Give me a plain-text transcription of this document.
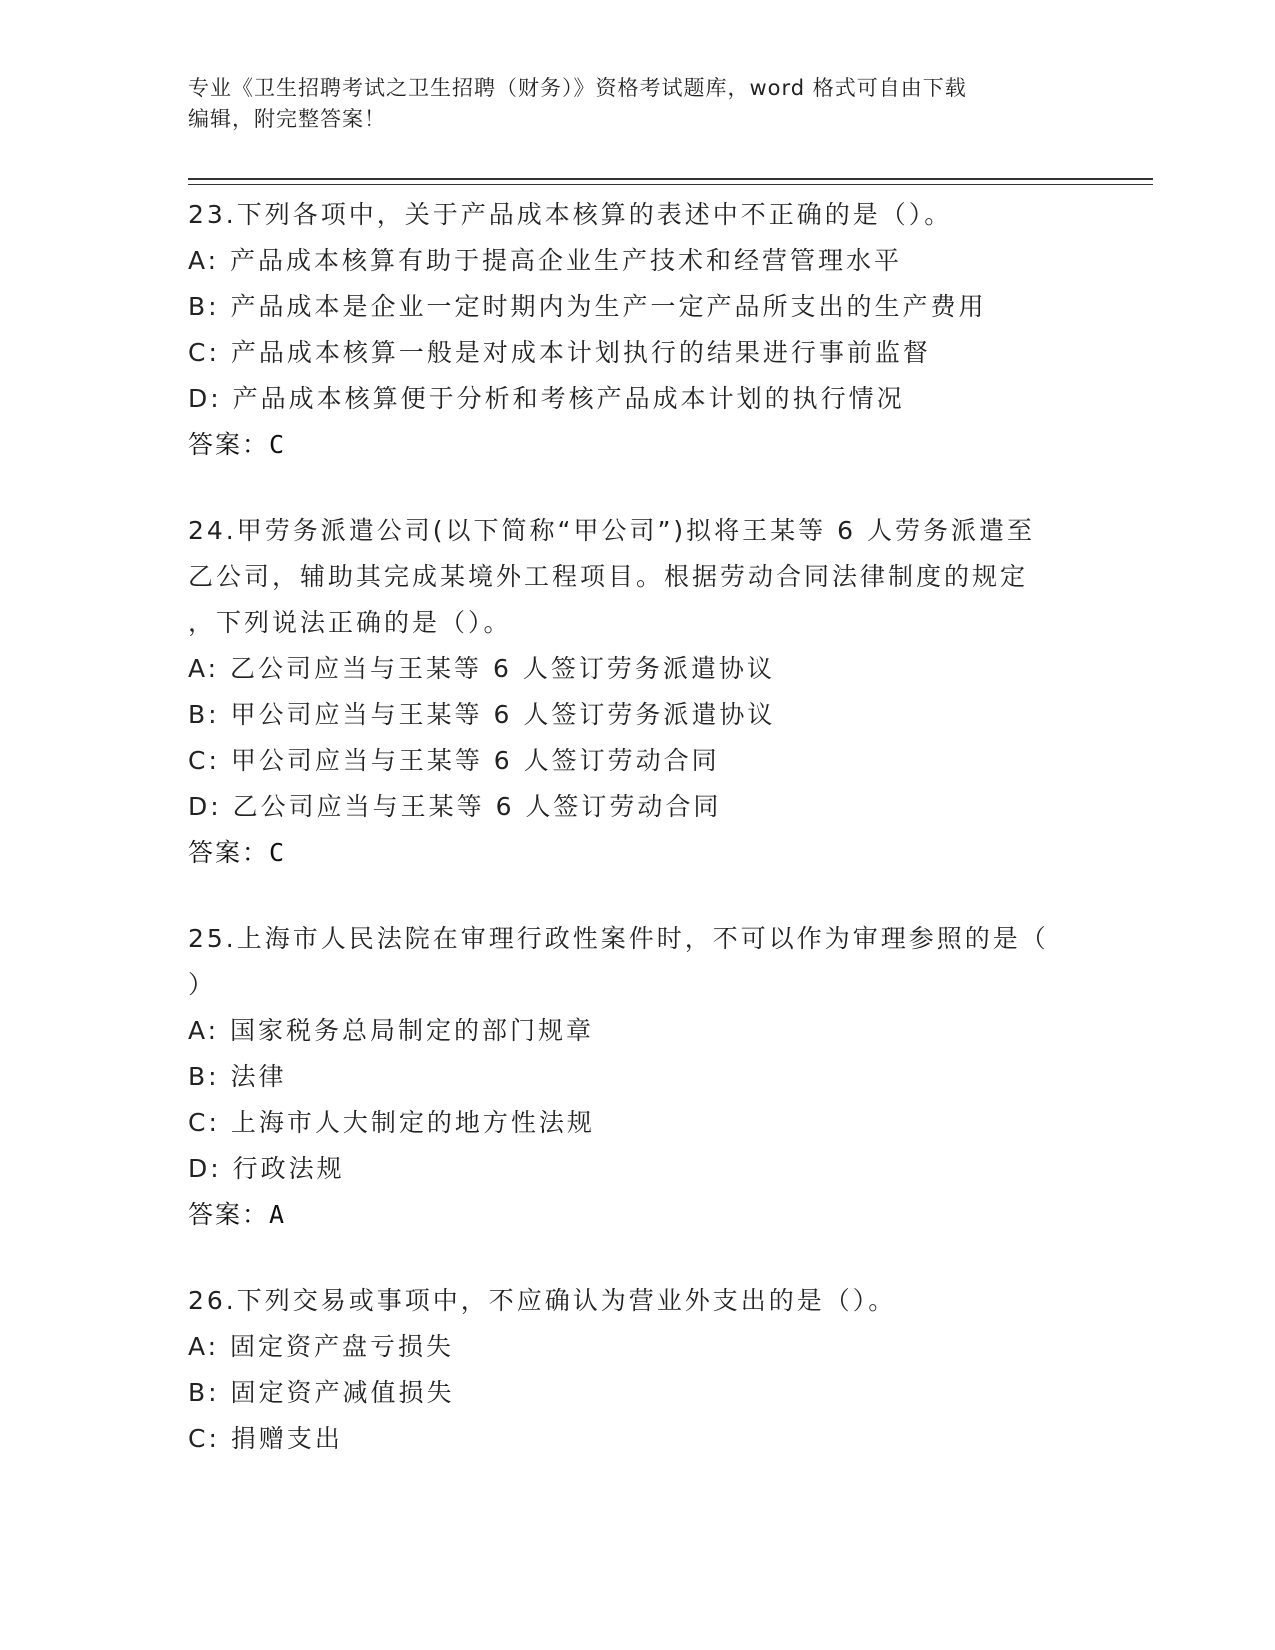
专业《卫生招聘考试之卫生招聘（财务）》资格考试题库，word 格式可自由下载
编辑，附完整答案！
23.下列各项中，关于产品成本核算的表述中不正确的是（）。
A: 产品成本核算有助于提高企业生产技术和经营管理水平
B: 产品成本是企业一定时期内为生产一定产品所支出的生产费用
C: 产品成本核算一般是对成本计划执行的结果进行事前监督
D: 产品成本核算便于分析和考核产品成本计划的执行情况
答案：C
24.甲劳务派遣公司(以下简称“甲公司”)拟将王某等 6 人劳务派遣至
乙公司，辅助其完成某境外工程项目。根据劳动合同法律制度的规定
，下列说法正确的是（）。
A: 乙公司应当与王某等 6 人签订劳务派遣协议
B: 甲公司应当与王某等 6 人签订劳务派遣协议
C: 甲公司应当与王某等 6 人签订劳动合同
D: 乙公司应当与王某等 6 人签订劳动合同
答案：C
25.上海市人民法院在审理行政性案件时，不可以作为审理参照的是（
）
A: 国家税务总局制定的部门规章
B: 法律
C: 上海市人大制定的地方性法规
D: 行政法规
答案：A
26.下列交易或事项中，不应确认为营业外支出的是（）。
A: 固定资产盘亏损失
B: 固定资产减值损失
C: 捐赠支出
